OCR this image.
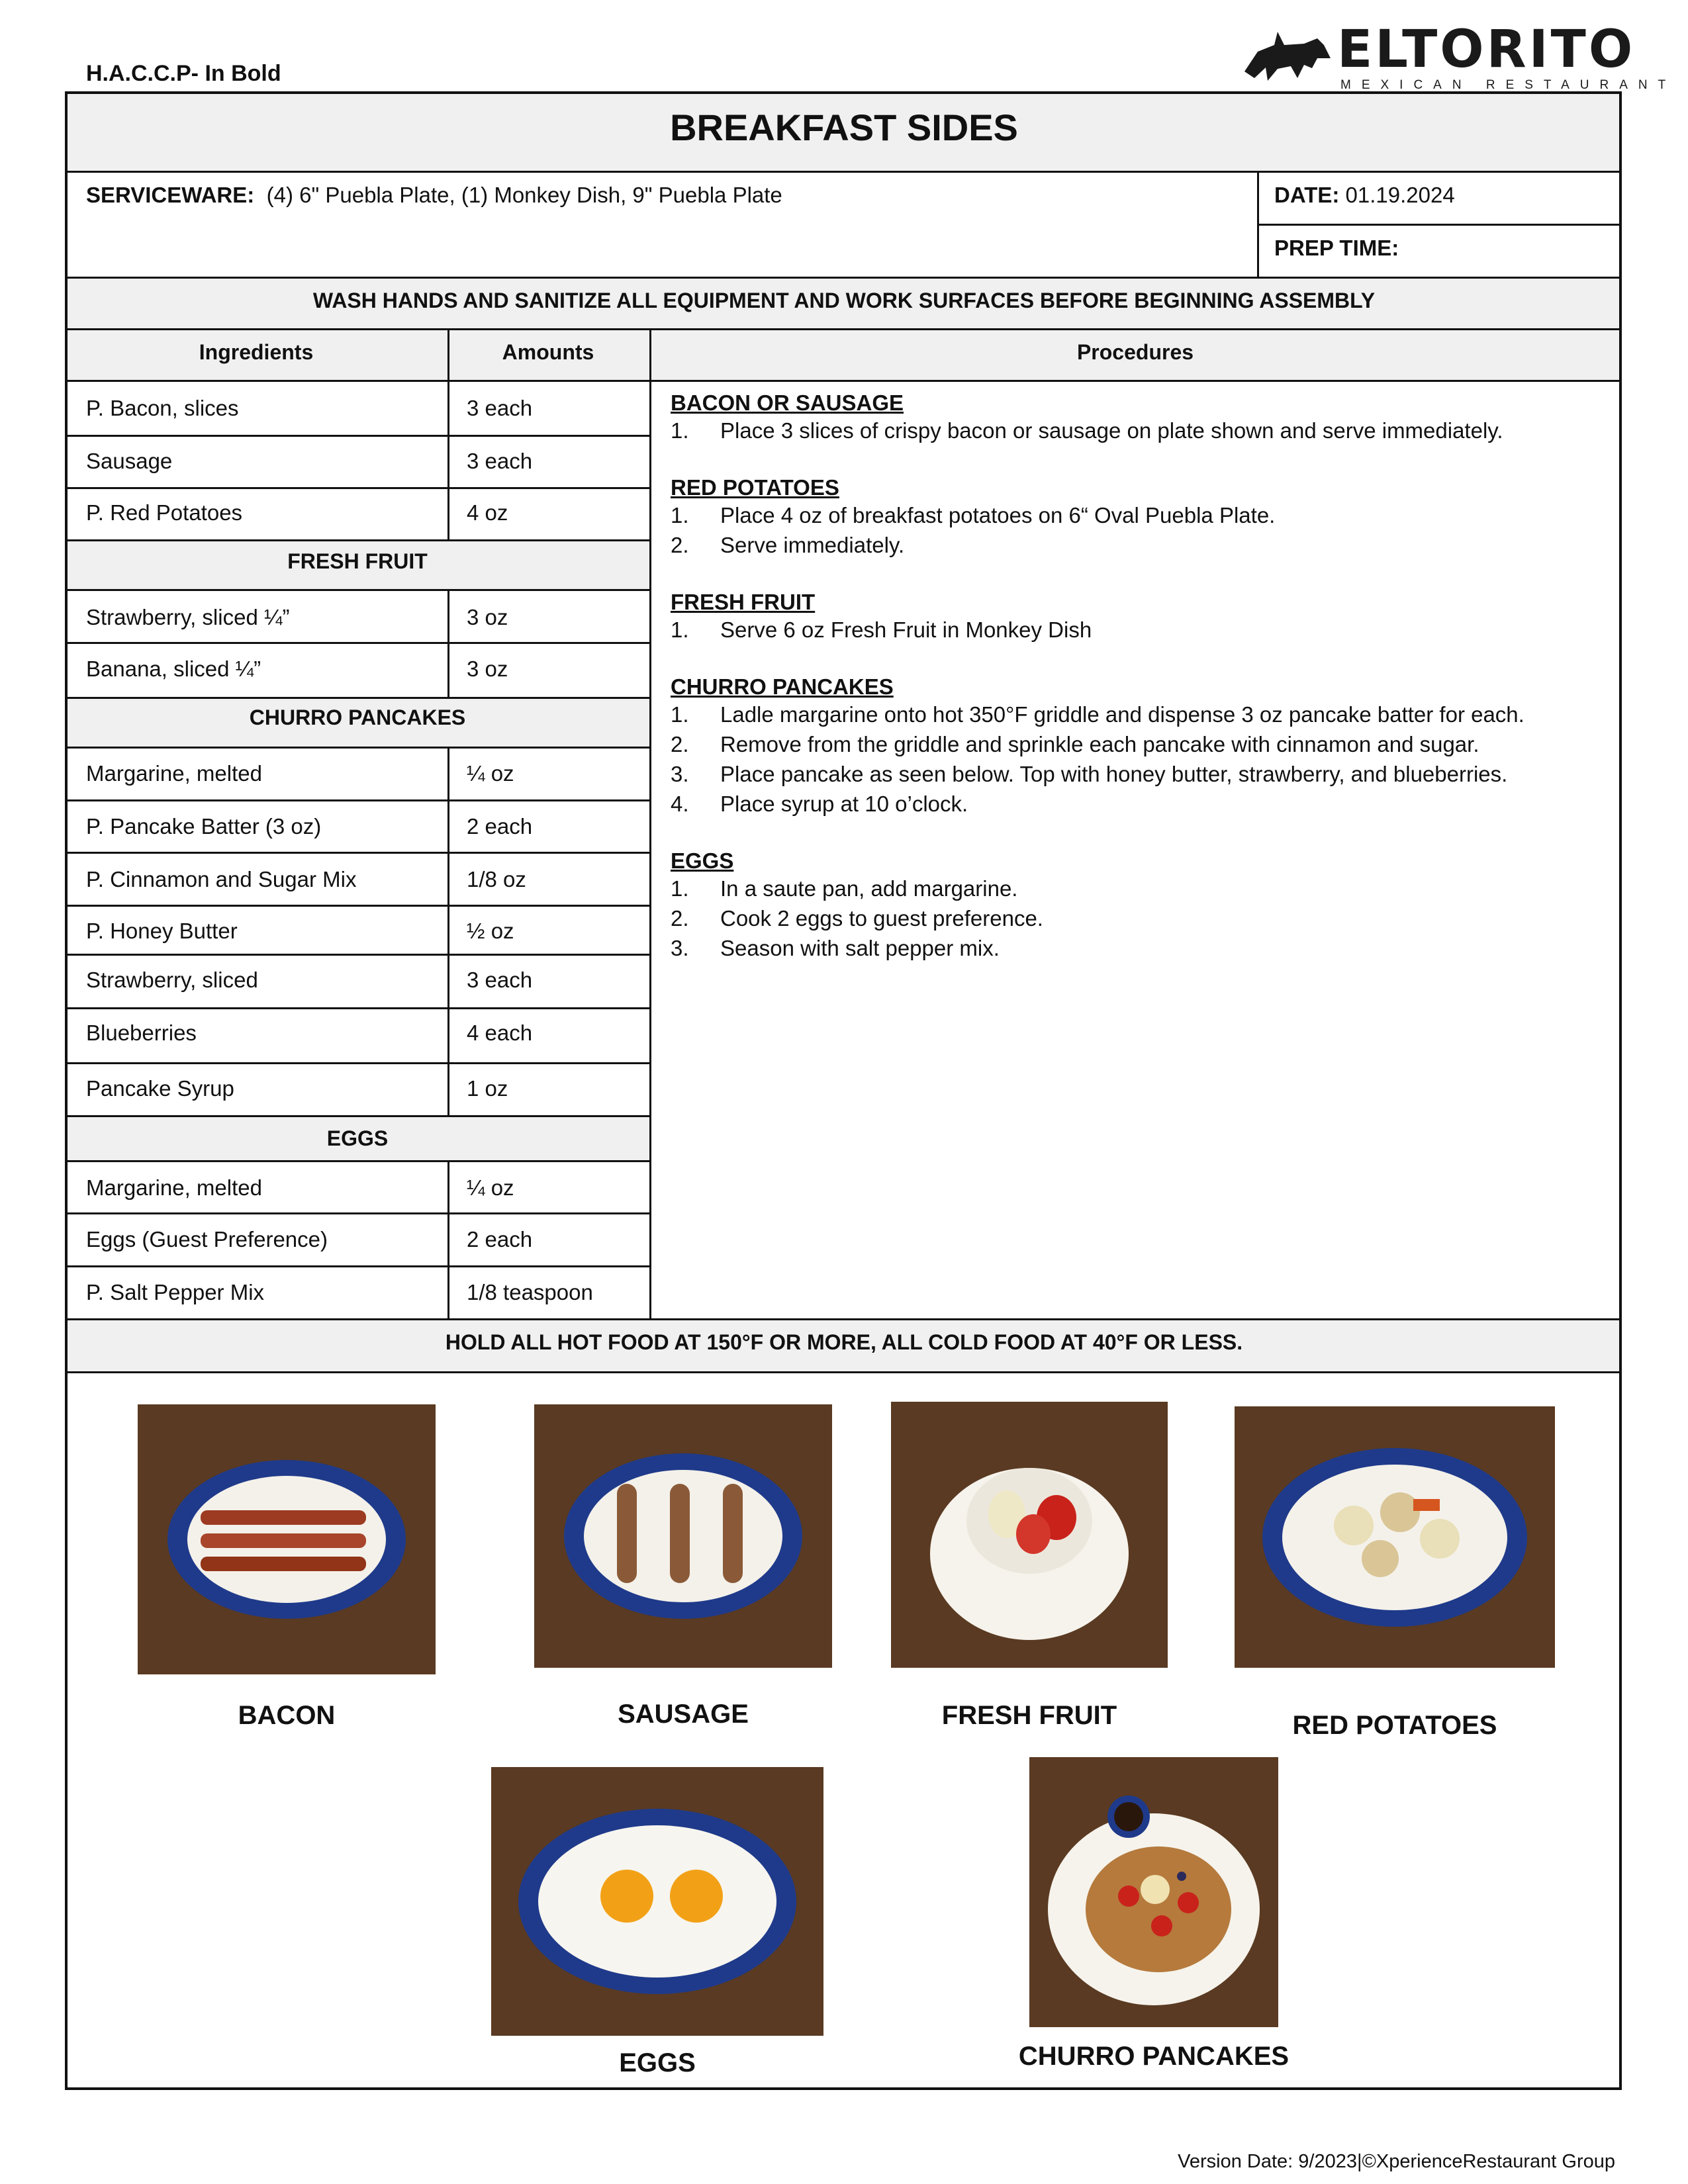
H.A.C.C.P- In Bold	ELTORITO
MEXICAN RESTAURANT
BREAKFAST SIDES
SERVICEWARE: (4) 6" Puebla Plate, (1) Monkey Dish, 9" Puebla Plate	DATE: 01.19.2024
PREP TIME:
WASH HANDS AND SANITIZE ALL EQUIPMENT AND WORK SURFACES BEFORE BEGINNING ASSEMBLY
Ingredients	Amounts	Procedures
P. Bacon, slices	3 each
Sausage	3 each
P. Red Potatoes	4 oz
FRESH FRUIT
Strawberry, sliced ¼”	3 oz
Banana, sliced ¼”	3 oz
CHURRO PANCAKES
Margarine, melted	¼ oz
P. Pancake Batter (3 oz)	2 each
P. Cinnamon and Sugar Mix	1/8 oz
P. Honey Butter	½ oz
Strawberry, sliced	3 each
Blueberries	4 each
Pancake Syrup	1 oz
EGGS
Margarine, melted	¼ oz
Eggs (Guest Preference)	2 each
P. Salt Pepper Mix	1/8 teaspoon
BACON OR SAUSAGE
1. Place 3 slices of crispy bacon or sausage on plate shown and serve immediately.
RED POTATOES
1. Place 4 oz of breakfast potatoes on 6“ Oval Puebla Plate.
2. Serve immediately.
FRESH FRUIT
1. Serve 6 oz Fresh Fruit in Monkey Dish
CHURRO PANCAKES
1. Ladle margarine onto hot 350°F griddle and dispense 3 oz pancake batter for each.
2. Remove from the griddle and sprinkle each pancake with cinnamon and sugar.
3. Place pancake as seen below. Top with honey butter, strawberry, and blueberries.
4. Place syrup at 10 o’clock.
EGGS
1. In a saute pan, add margarine.
2. Cook 2 eggs to guest preference.
3. Season with salt pepper mix.
HOLD ALL HOT FOOD AT 150°F OR MORE, ALL COLD FOOD AT 40°F OR LESS.
BACON	SAUSAGE	FRESH FRUIT	RED POTATOES
EGGS	CHURRO PANCAKES
Version Date: 9/2023|©XperienceRestaurant Group
